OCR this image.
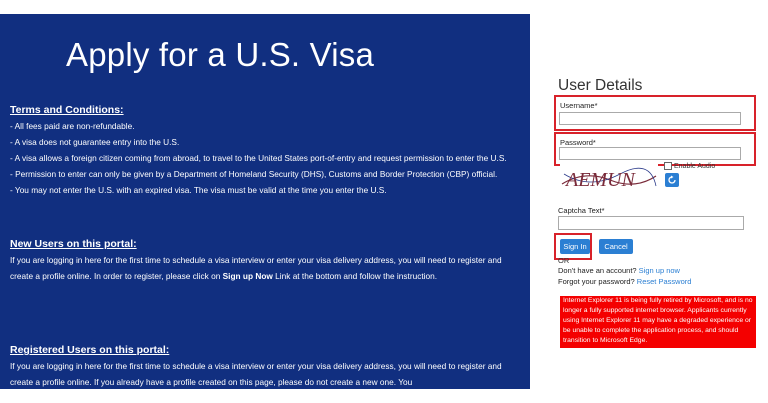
Apply for a U.S. Visa
Terms and Conditions:

- All fees paid are non-refundable.

- A visa does not guarantee entry into the U.S.

- A visa allows a foreign citizen coming from abroad, to travel to the United States port-of-entry and request permission to enter the U.S.

- Permission to enter can only be given by a Department of Homeland Security (DHS), Customs and Border Protection (CBP) official.

- You may not enter the U.S. with an expired visa. The visa must be valid at the time you enter the U.S.

New Users on this portal:

If you are logging in here for the first time to schedule a visa interview or enter your visa delivery address, you will need to register and create a profile online. In order to register, please click on Sign up Now Link at the bottom and follow the instruction.

Registered Users on this portal:

If you are logging in here for the first time to schedule a visa interview or enter your visa delivery address, you will need to register and create a profile online. If you already have a profile created on this page, please do not create a new one. You

User Details
Username*
Password*
AEMUN
Enable Audio
Captcha Text*
Sign In	Cancel
OR
Don't have an account? Sign up now
Forgot your password? Reset Password
Internet Explorer 11 is being fully retired by Microsoft, and is no longer a fully supported internet browser. Applicants currently using Internet Explorer 11 may have a degraded experience or be unable to complete the application process, and should transition to Microsoft Edge.
